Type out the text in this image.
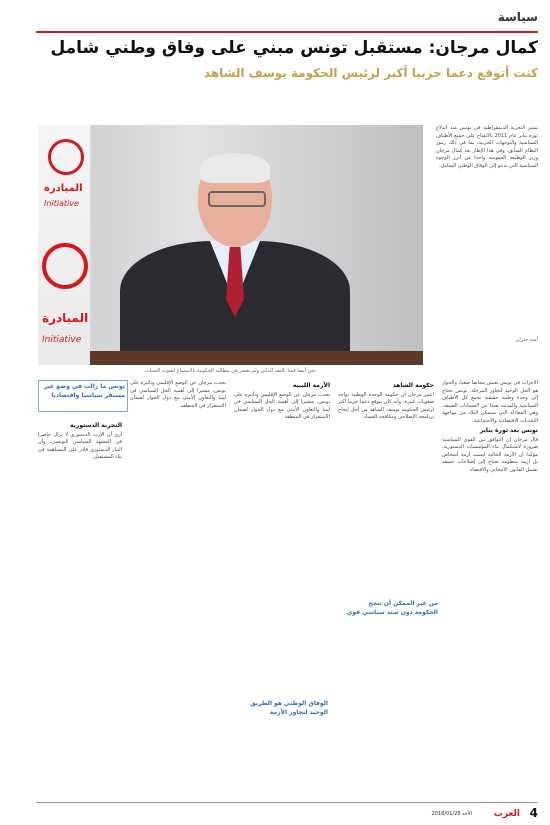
سياسة
كمال مرجان: مستقبل تونس مبني على وفاق وطني شامل
كنت أتوقع دعما حزبيا أكبر لرئيس الحكومة يوسف الشاهد
تتميز التجربة الديمقراطية في تونس منذ اندلاع ثورة يناير عام 2011 بالانفتاح على جميع الأطياف السياسية والتوجهات الحزبية، بما في ذلك رموز النظام السابق، وفي هذا الإطار يعد كمال مرجان وزير الوظيفة العمومية واحدا من أبرز الوجوه السياسية التي تدعو إلى الوفاق الوطني الشامل.
أمنة جبران
المبادرة
Initiative
المبادرة
Initiative
نحن أيضا قمنا بالنقد الذاتي ولم نقصر في مطالبة الحكومة بالاستماع لصوت الشباب
الأحزاب في تونس تعيش مخاضا صعبا، والحوار هو الحل الوحيد لتجاوز المرحلة. تونس تحتاج إلى وحدة وطنية حقيقية تجمع كل الأطياف السياسية والمدنية بعيدا عن الحسابات الضيقة، وهي المعادلة التي ستمكن البلاد من مواجهة التحديات الاقتصادية والاجتماعية.
تونس بعد ثورة يناير
قال مرجان إن التوافق بين القوى السياسية ضرورة لاستكمال بناء المؤسسات الدستورية، مؤكدا أن الأزمة الحالية ليست أزمة أشخاص بل أزمة منظومة تحتاج إلى إصلاحات عميقة تشمل القانون الانتخابي والاقتصاد.
حكومة الشاهد
اعتبر مرجان أن حكومة الوحدة الوطنية تواجه صعوبات كبيرة، وأنه كان يتوقع دعما حزبيا أكبر لرئيس الحكومة يوسف الشاهد من أجل إنجاح برنامجه الإصلاحي ومكافحة الفساد.
الأزمة الليبية
تحدث مرجان عن الوضع الإقليمي وتأثيره على تونس، مشيرا إلى أهمية الحل السياسي في ليبيا والتعاون الأمني مع دول الجوار لضمان الاستقرار في المنطقة.
تحدث مرجان عن الوضع الإقليمي وتأثيره على تونس، مشيرا إلى أهمية الحل السياسي في ليبيا والتعاون الأمني مع دول الجوار لضمان الاستقرار في المنطقة.
التجربة الدستورية
أرى أن الإرث الدستوري لا يزال حاضرا في المشهد السياسي التونسي، وأن التيار الدستوري قادر على المساهمة في بناء المستقبل.
تونس ما زالت في وضع غير مستقر سياسيا واقتصاديا
من غير الممكن أن تنجح الحكومة دون سند سياسي قوي
الوفاق الوطني هو الطريق الوحيد لتجاوز الأزمة
4
العرب
الأحد 2018/01/28
